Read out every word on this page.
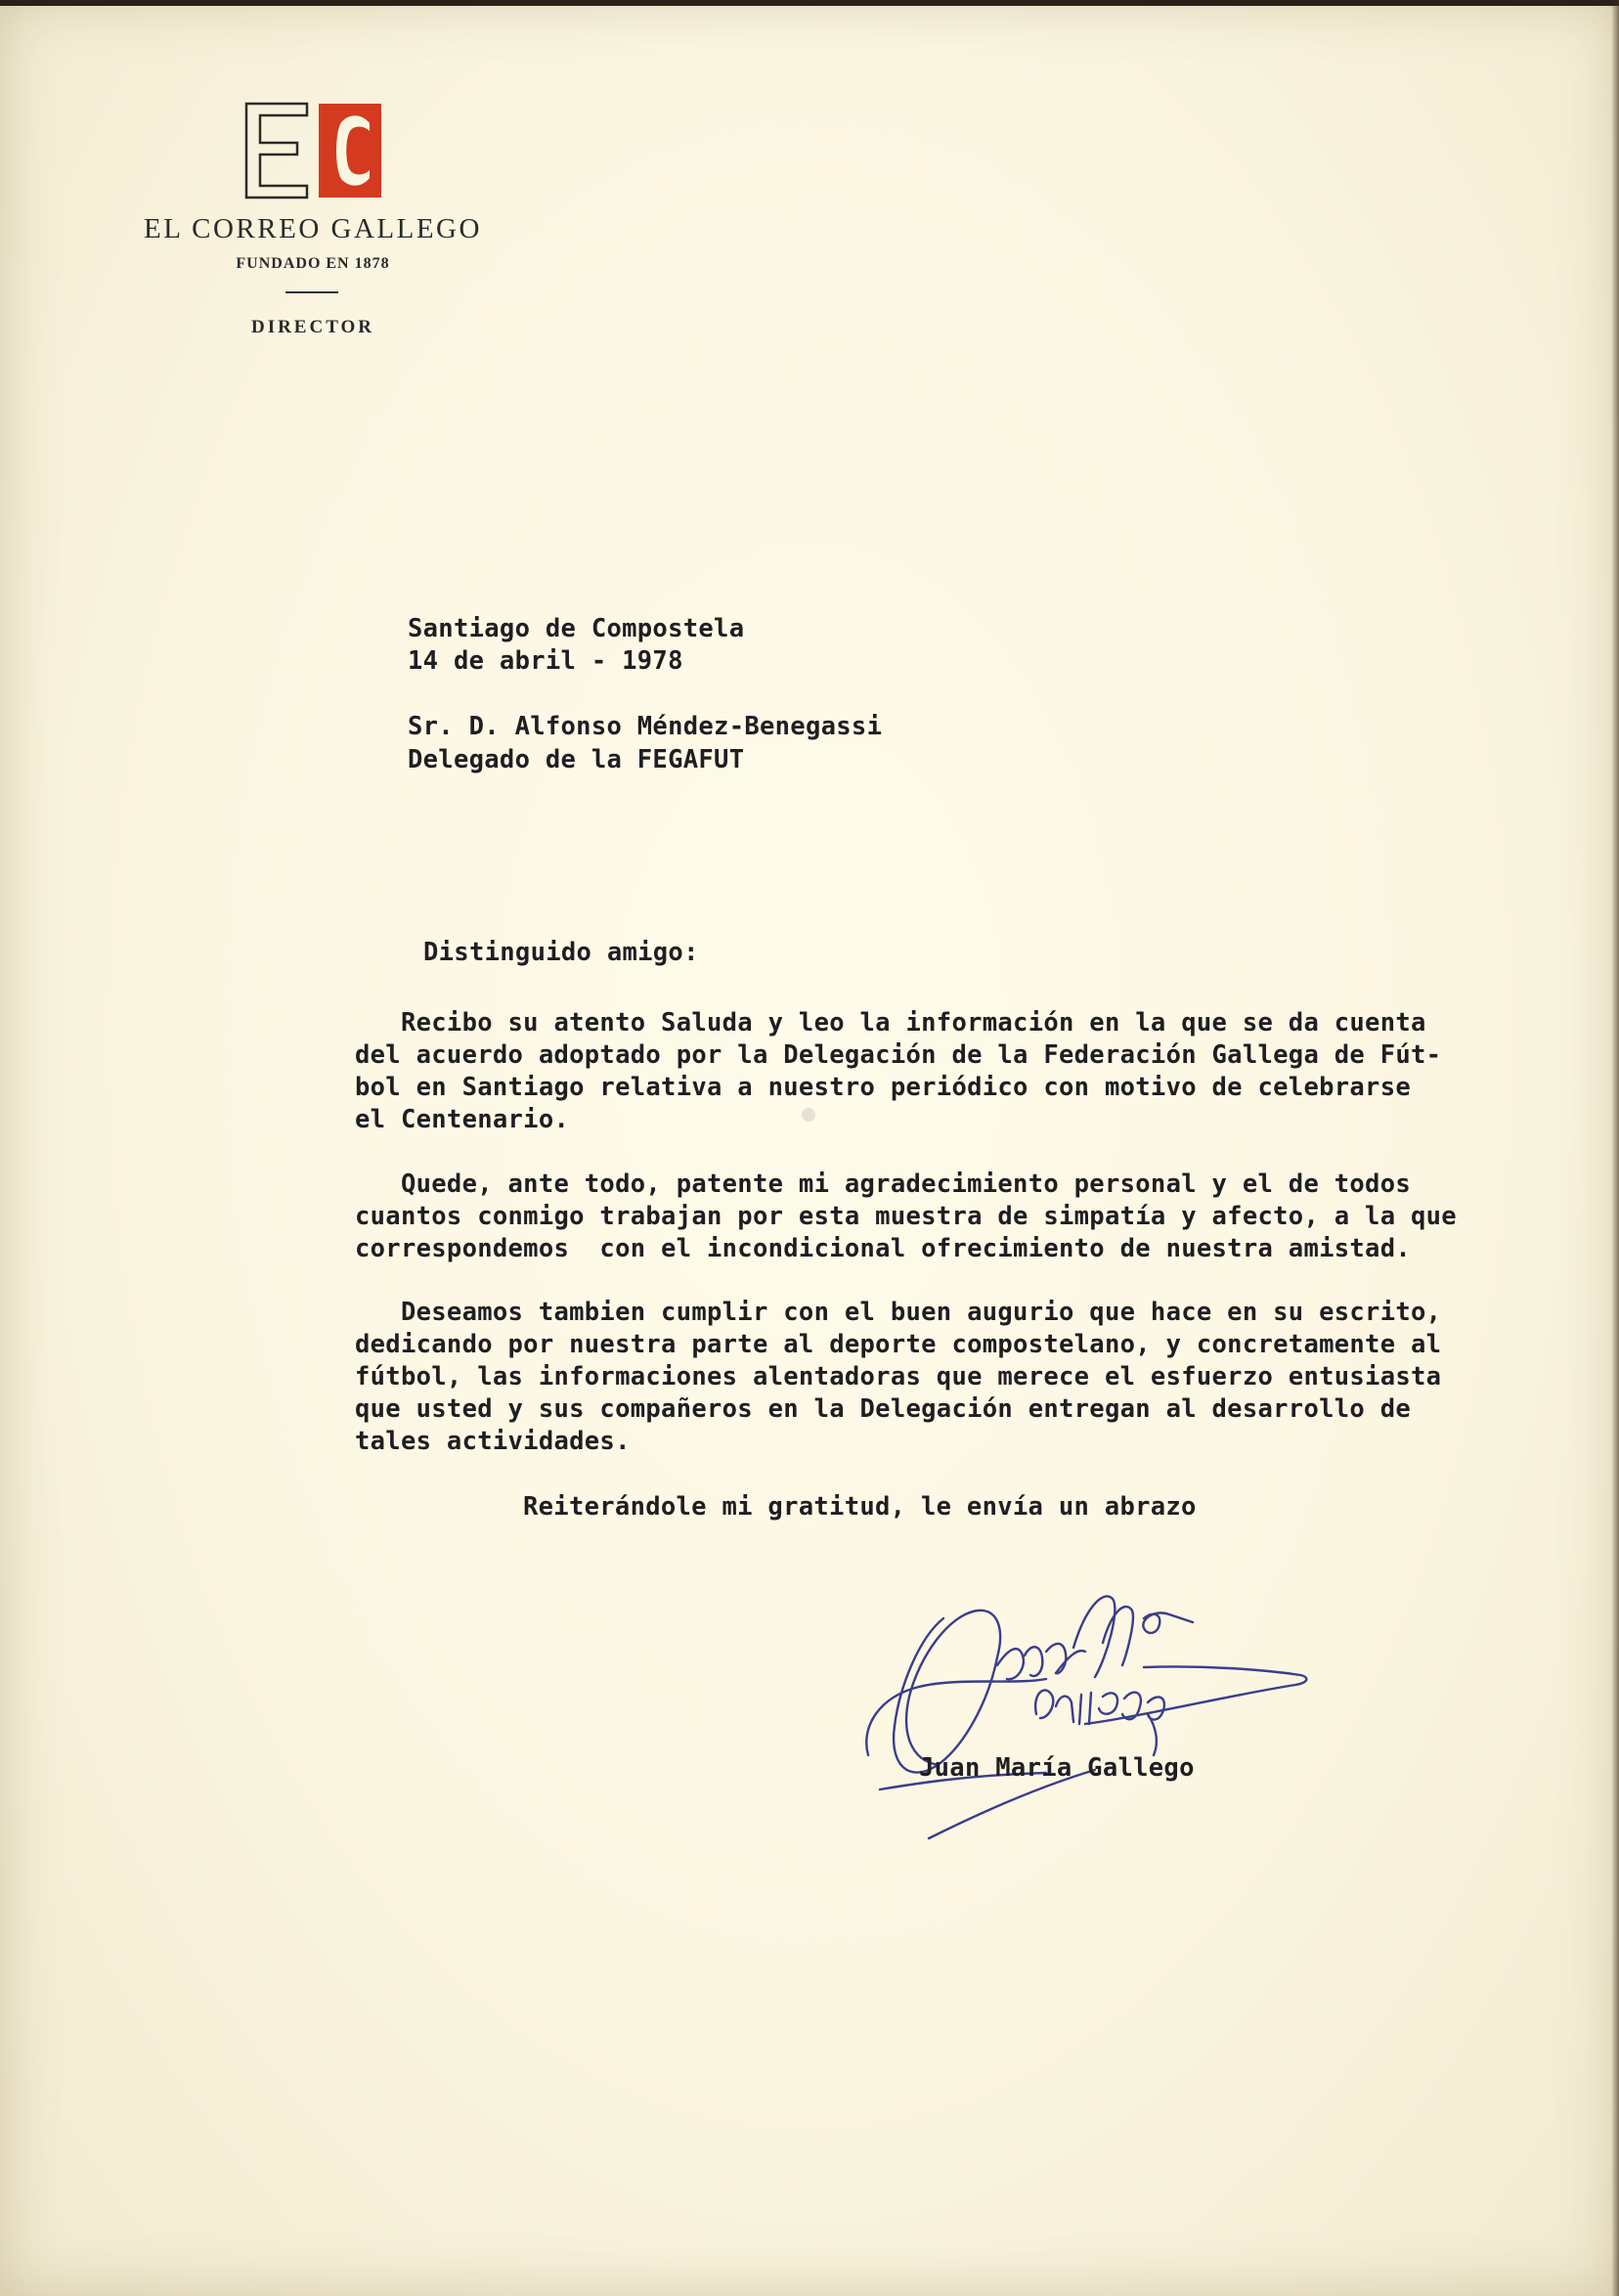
EL CORREO GALLEGO
FUNDADO EN 1878
DIRECTOR
Santiago de Compostela
14 de abril - 1978
Sr. D. Alfonso Méndez-Benegassi
Delegado de la FEGAFUT
Distinguido amigo:
Recibo su atento Saluda y leo la información en la que se da cuenta
del acuerdo adoptado por la Delegación de la Federación Gallega de Fút-
bol en Santiago relativa a nuestro periódico con motivo de celebrarse
el Centenario.
Quede, ante todo, patente mi agradecimiento personal y el de todos
cuantos conmigo trabajan por esta muestra de simpatía y afecto, a la que
correspondemos  con el incondicional ofrecimiento de nuestra amistad.
Deseamos tambien cumplir con el buen augurio que hace en su escrito,
dedicando por nuestra parte al deporte compostelano, y concretamente al
fútbol, las informaciones alentadoras que merece el esfuerzo entusiasta
que usted y sus compañeros en la Delegación entregan al desarrollo de
tales actividades.
Reiterándole mi gratitud, le envía un abrazo
Juan María Gallego
